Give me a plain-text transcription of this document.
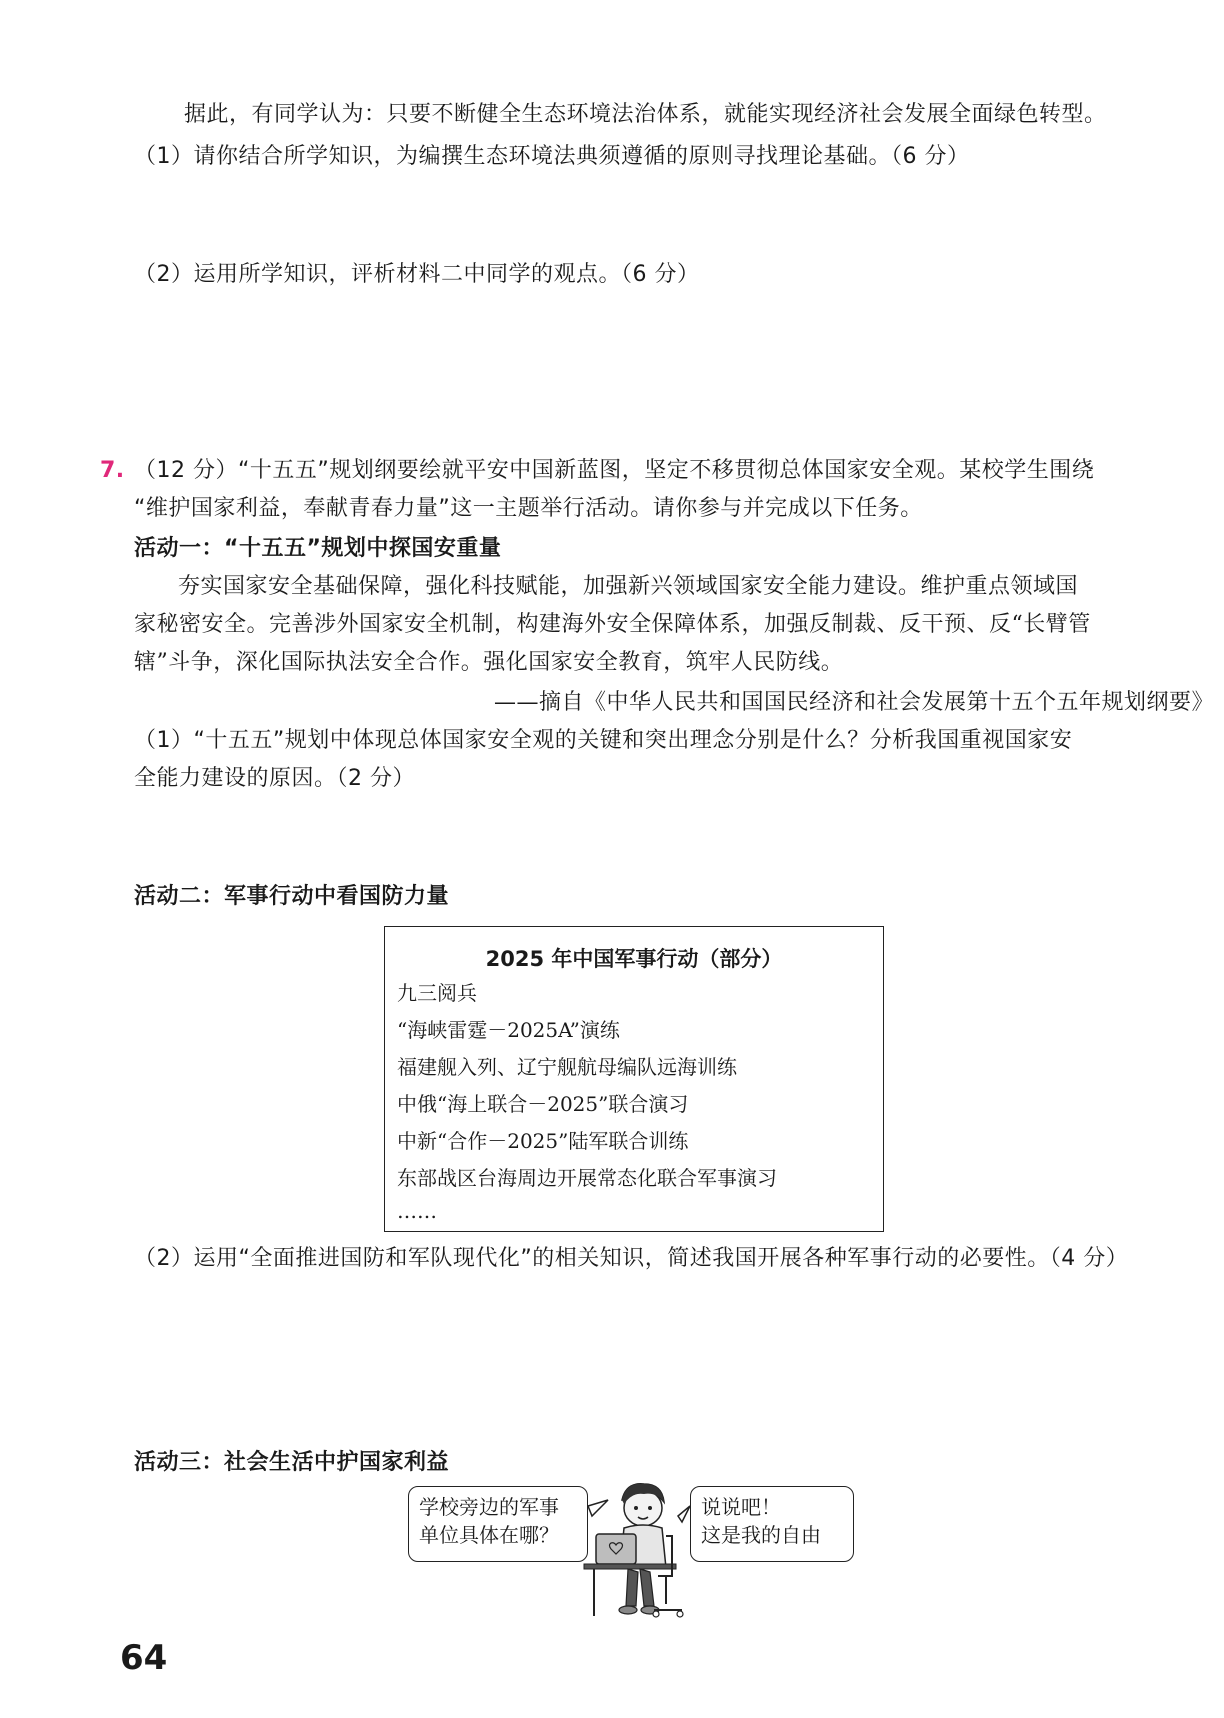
据此，有同学认为：只要不断健全生态环境法治体系，就能实现经济社会发展全面绿色转型。
（1）请你结合所学知识，为编撰生态环境法典须遵循的原则寻找理论基础。（6 分）
（2）运用所学知识，评析材料二中同学的观点。（6 分）
7. （12 分）“十五五”规划纲要绘就平安中国新蓝图，坚定不移贯彻总体国家安全观。某校学生围绕
“维护国家利益，奉献青春力量”这一主题举行活动。请你参与并完成以下任务。
活动一：“十五五”规划中探国安重量
夯实国家安全基础保障，强化科技赋能，加强新兴领域国家安全能力建设。维护重点领域国
家秘密安全。完善涉外国家安全机制，构建海外安全保障体系，加强反制裁、反干预、反“长臂管
辖”斗争，深化国际执法安全合作。强化国家安全教育，筑牢人民防线。
——摘自《中华人民共和国国民经济和社会发展第十五个五年规划纲要》
（1）“十五五”规划中体现总体国家安全观的关键和突出理念分别是什么？分析我国重视国家安
全能力建设的原因。（2 分）
活动二：军事行动中看国防力量
2025 年中国军事行动（部分）
九三阅兵
“海峡雷霆－2025A”演练
福建舰入列、辽宁舰航母编队远海训练
中俄“海上联合－2025”联合演习
中新“合作－2025”陆军联合训练
东部战区台海周边开展常态化联合军事演习
……
（2）运用“全面推进国防和军队现代化”的相关知识，简述我国开展各种军事行动的必要性。（4 分）
活动三：社会生活中护国家利益
学校旁边的军事
单位具体在哪？
说说吧！
这是我的自由
64
